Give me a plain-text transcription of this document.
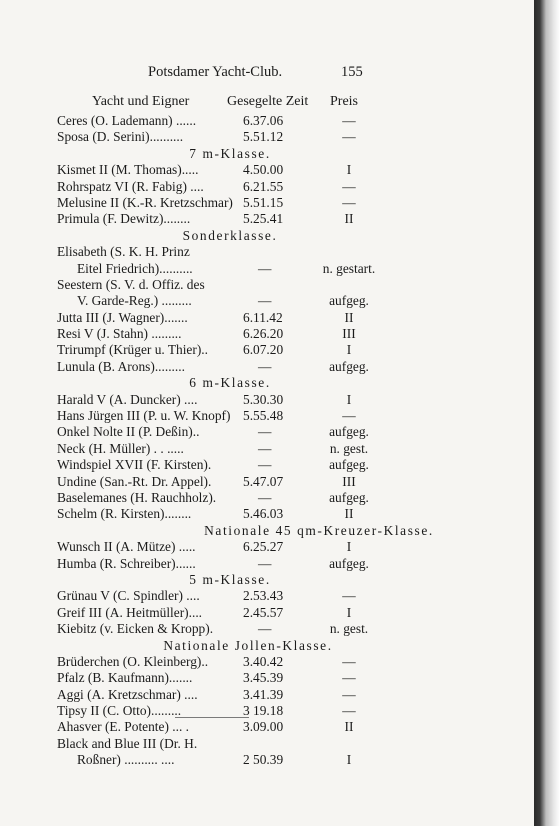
Potsdamer Yacht-Club.	155
Yacht und Eigner	Gesegelte Zeit Preis
Ceres (O. Lademann) ......	6.37.06	—
Sposa (D. Serini)..........	5.51.12	—
7 m-Klasse.
Kismet II (M. Thomas).....	4.50.00	I
Rohrspatz VI (R. Fabig) ....	6.21.55	—
Melusine II (K.-R. Kretzschmar) 5.51.15	—
Primula (F. Dewitz)........	5.25.41	II
Sonderklasse.
Elisabeth (S. K. H. Prinz
Eitel Friedrich)..........	—	n. gestart.
Seestern (S. V. d. Offiz. des
V. Garde-Reg.) .........	—	aufgeg.
Jutta III (J. Wagner).......	6.11.42	II
Resi V (J. Stahn) .........	6.26.20	III
Trirumpf (Krüger u. Thier)..	6.07.20	I
Lunula (B. Arons).........	—	aufgeg.
6 m-Klasse.
Harald V (A. Duncker) ....	5.30.30	I
Hans Jürgen III (P. u. W. Knopf) 5.55.48	—
Onkel Nolte II (P. Deßin)..	—	aufgeg.
Neck (H. Müller) . . .....	—	n. gest.
Windspiel XVII (F. Kirsten).	—	aufgeg.
Undine (San.-Rt. Dr. Appel). 5.47.07	III
Baselemanes (H. Rauchholz).	—	aufgeg.
Schelm (R. Kirsten)........	5.46.03	II
Nationale 45 qm-Kreuzer-Klasse.
Wunsch II (A. Mütze) .....	6.25.27	I
Humba (R. Schreiber)......	—	aufgeg.
5 m-Klasse.
Grünau V (C. Spindler) ....	2.53.43	—
Greif III (A. Heitmüller)....	2.45.57	I
Kiebitz (v. Eicken & Kropp).	—	n. gest.
Nationale Jollen-Klasse.
Brüderchen (O. Kleinberg)..	3.40.42	—
Pfalz (B. Kaufmann).......	3.45.39	—
Aggi (A. Kretzschmar) ....	3.41.39	—
Tipsy II (C. Otto).........	3 19.18	—
Ahasver (E. Potente) ... .	3.09.00	II
Black and Blue III (Dr. H.
Roßner) .......... ....	2 50.39	I
